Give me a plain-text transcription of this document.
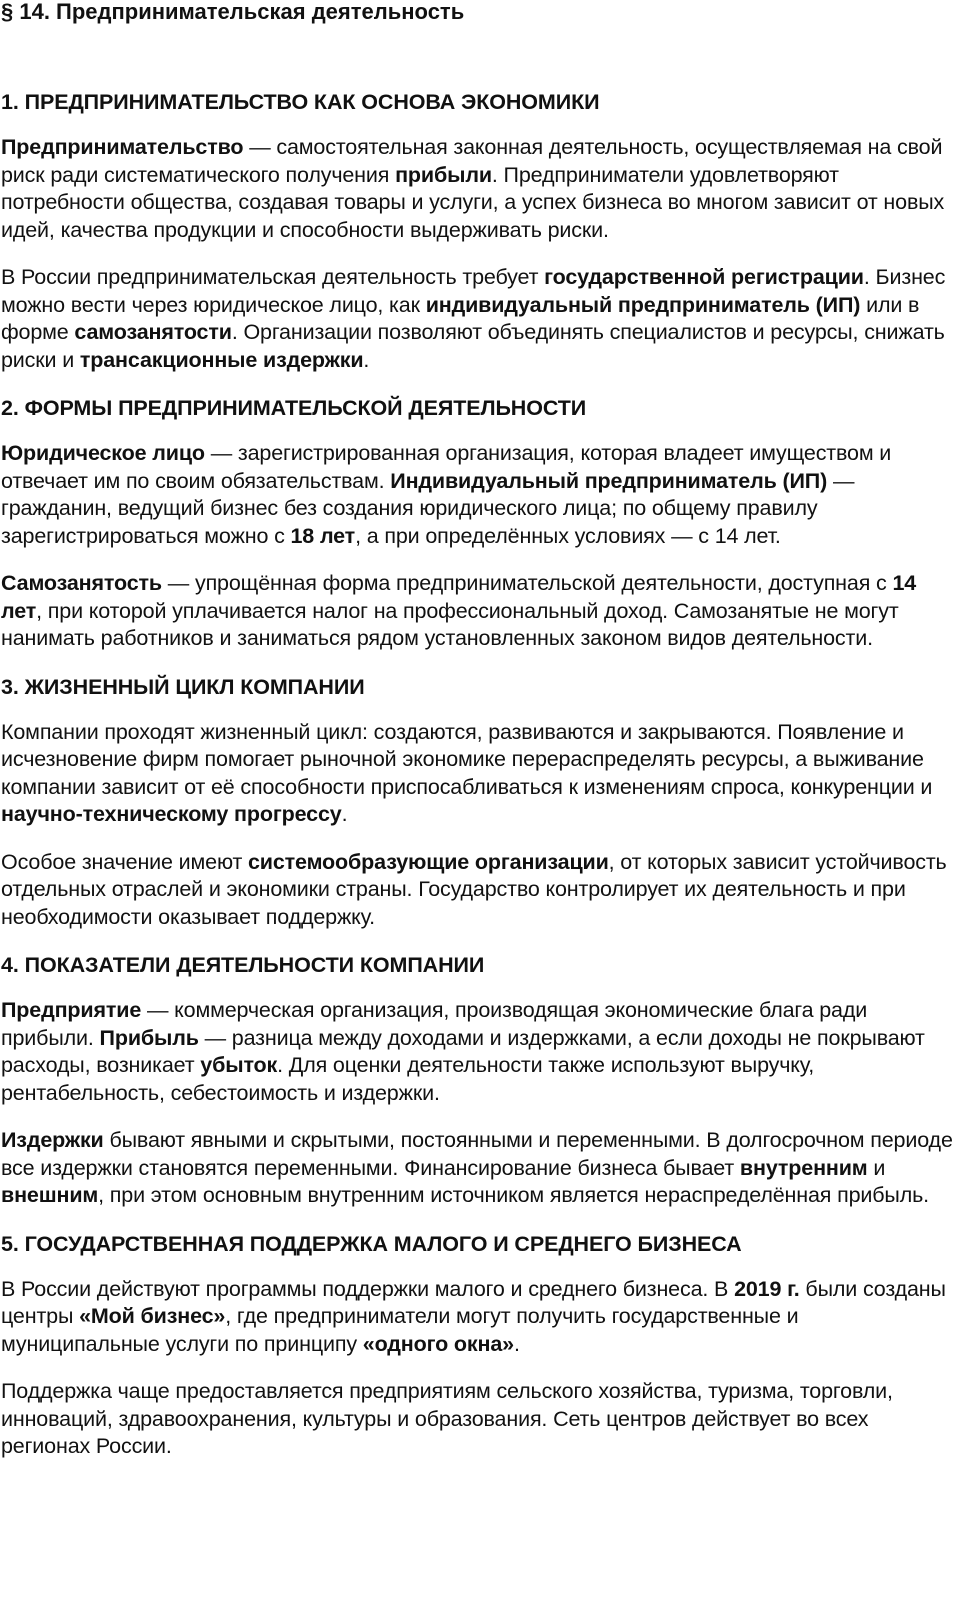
§ 14. Предпринимательская деятельность
1. ПРЕДПРИНИМАТЕЛЬСТВО КАК ОСНОВА ЭКОНОМИКИ

Предпринимательство — самостоятельная законная деятельность, осуществляемая на свой риск ради систематического получения прибыли. Предприниматели удовлетворяют потребности общества, создавая товары и услуги, а успех бизнеса во многом зависит от новых идей, качества продукции и способности выдерживать риски.

В России предпринимательская деятельность требует государственной регистрации. Бизнес можно вести через юридическое лицо, как индивидуальный предприниматель (ИП) или в форме самозанятости. Организации позволяют объединять специалистов и ресурсы, снижать риски и трансакционные издержки.

2. ФОРМЫ ПРЕДПРИНИМАТЕЛЬСКОЙ ДЕЯТЕЛЬНОСТИ

Юридическое лицо — зарегистрированная организация, которая владеет имуществом и отвечает им по своим обязательствам. Индивидуальный предприниматель (ИП) — гражданин, ведущий бизнес без создания юридического лица; по общему правилу зарегистрироваться можно с 18 лет, а при определённых условиях — с 14 лет.

Самозанятость — упрощённая форма предпринимательской деятельности, доступная с 14 лет, при которой уплачивается налог на профессиональный доход. Самозанятые не могут нанимать работников и заниматься рядом установленных законом видов деятельности.

3. ЖИЗНЕННЫЙ ЦИКЛ КОМПАНИИ

Компании проходят жизненный цикл: создаются, развиваются и закрываются. Появление и исчезновение фирм помогает рыночной экономике перераспределять ресурсы, а выживание компании зависит от её способности приспосабливаться к изменениям спроса, конкуренции и научно-техническому прогрессу.

Особое значение имеют системообразующие организации, от которых зависит устойчивость отдельных отраслей и экономики страны. Государство контролирует их деятельность и при необходимости оказывает поддержку.

4. ПОКАЗАТЕЛИ ДЕЯТЕЛЬНОСТИ КОМПАНИИ

Предприятие — коммерческая организация, производящая экономические блага ради прибыли. Прибыль — разница между доходами и издержками, а если доходы не покрывают расходы, возникает убыток. Для оценки деятельности также используют выручку, рентабельность, себестоимость и издержки.

Издержки бывают явными и скрытыми, постоянными и переменными. В долгосрочном периоде все издержки становятся переменными. Финансирование бизнеса бывает внутренним и внешним, при этом основным внутренним источником является нераспределённая прибыль.

5. ГОСУДАРСТВЕННАЯ ПОДДЕРЖКА МАЛОГО И СРЕДНЕГО БИЗНЕСА

В России действуют программы поддержки малого и среднего бизнеса. В 2019 г. были созданы центры «Мой бизнес», где предприниматели могут получить государственные и муниципальные услуги по принципу «одного окна».

Поддержка чаще предоставляется предприятиям сельского хозяйства, туризма, торговли, инноваций, здравоохранения, культуры и образования. Сеть центров действует во всех регионах России.
